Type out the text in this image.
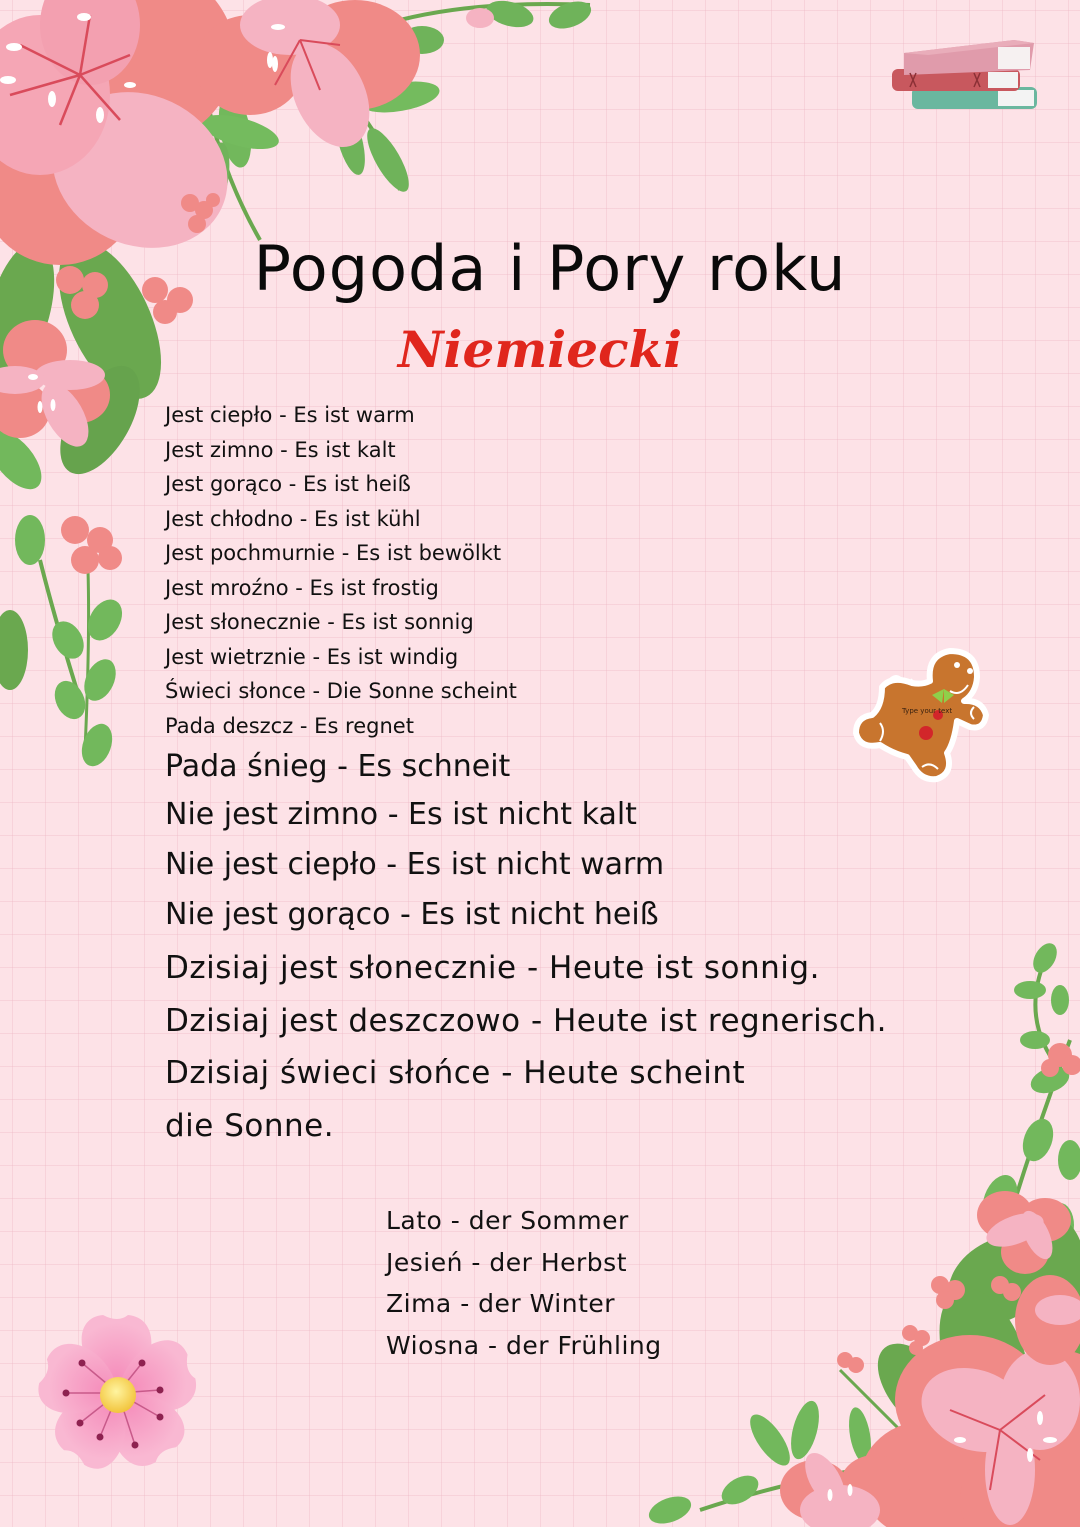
Pogoda i Pory roku
Niemiecki
Jest ciepło - Es ist warm
Jest zimno - Es ist kalt
Jest gorąco - Es ist heiß
Jest chłodno - Es ist kühl
Jest pochmurnie - Es ist bewölkt
Jest mroźno - Es ist frostig
Jest słonecznie - Es ist sonnig
Jest wietrznie - Es ist windig
Świeci słonce - Die Sonne scheint
Pada deszcz - Es regnet
Pada śnieg - Es schneit
Nie jest zimno - Es ist nicht kalt
Nie jest ciepło - Es ist nicht warm
Nie jest gorąco - Es ist nicht heiß
Dzisiaj jest słonecznie - Heute ist sonnig.
Dzisiaj jest deszczowo - Heute ist regnerisch.
Dzisiaj świeci słońce - Heute scheint
die Sonne.
Lato - der Sommer
Jesień - der Herbst
Zima - der Winter
Wiosna - der Frühling
Type your text
